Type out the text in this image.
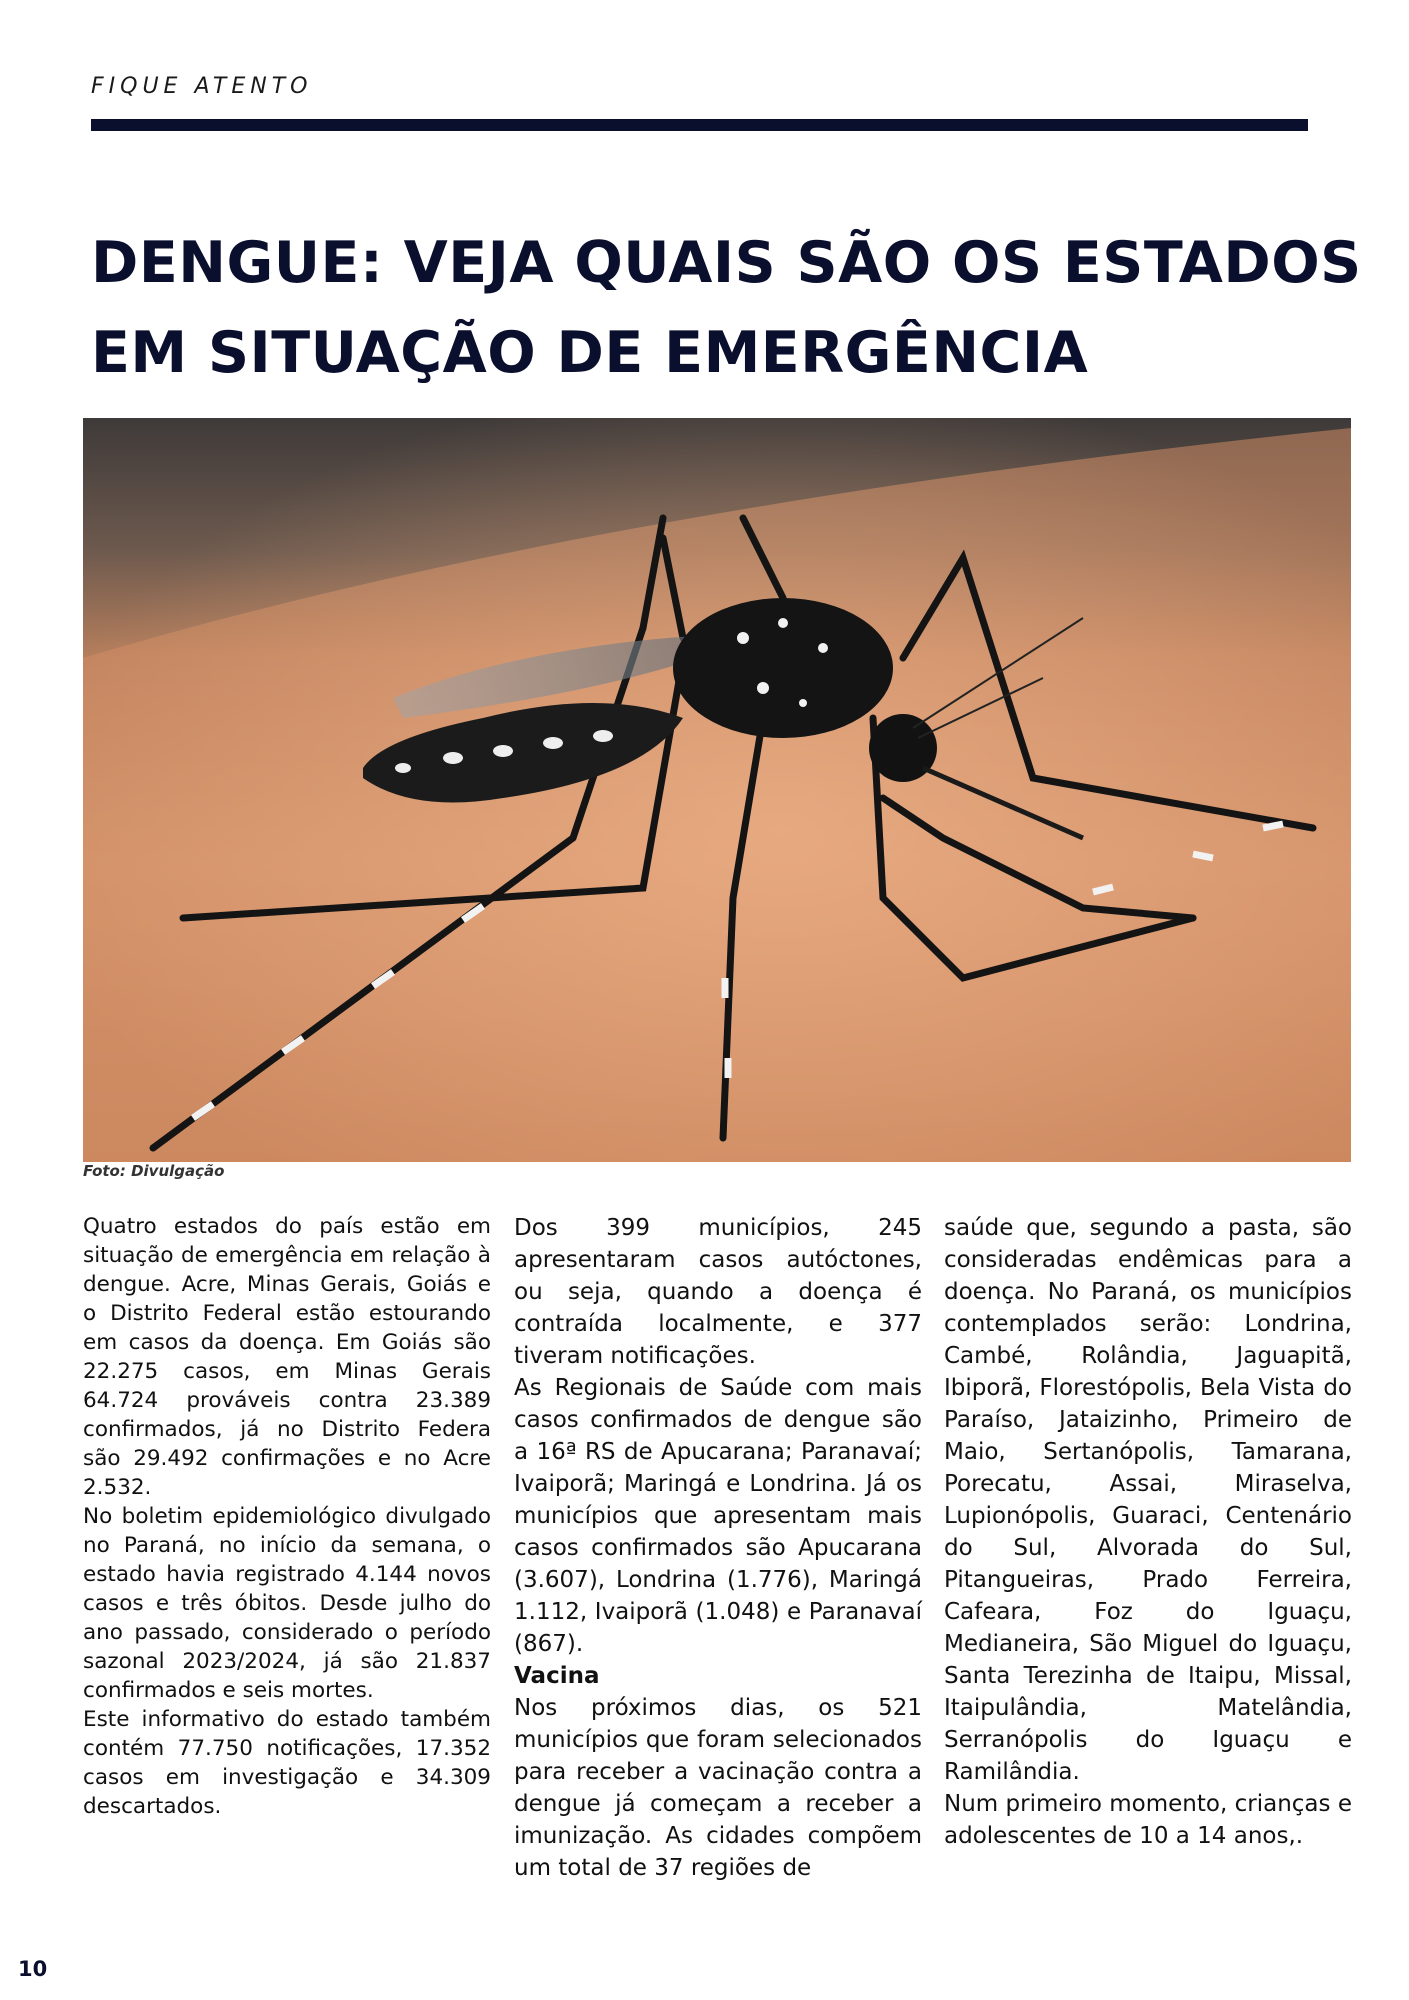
FIQUE ATENTO
DENGUE: VEJA QUAIS SÃO OS ESTADOS
EM SITUAÇÃO DE EMERGÊNCIA
Foto: Divulgação

Quatro estados do país estão em situação de emergência em relação à dengue. Acre, Minas Gerais, Goiás e o Distrito Federal estão estourando em casos da doença. Em Goiás são 22.275 casos, em Minas Gerais 64.724 prováveis contra 23.389 confirmados, já no Distrito Federa são 29.492 confirmações e no Acre 2.532.

No boletim epidemiológico divulgado no Paraná, no início da semana, o estado havia registrado 4.144 novos casos e três óbitos. Desde julho do ano passado, considerado o período sazonal 2023/2024, já são 21.837 confirmados e seis mortes.

Este informativo do estado também contém 77.750 notificações, 17.352 casos em investigação e 34.309 descartados.

Dos 399 municípios, 245 apresentaram casos autóctones, ou seja, quando a doença é contraída localmente, e 377 tiveram notificações.

As Regionais de Saúde com mais casos confirmados de dengue são a 16ª RS de Apucarana; Paranavaí; Ivaiporã; Maringá e Londrina. Já os municípios que apresentam mais casos confirmados são Apucarana (3.607), Londrina (1.776), Maringá 1.112, Ivaiporã (1.048) e Paranavaí (867).

Vacina

Nos próximos dias, os 521 municípios que foram selecionados para receber a vacinação contra a dengue já começam a receber a imunização. As cidades compõem um total de 37 regiões de

saúde que, segundo a pasta, são consideradas endêmicas para a doença. No Paraná, os municípios contemplados serão: Londrina, Cambé, Rolândia, Jaguapitã, Ibiporã, Florestópolis, Bela Vista do Paraíso, Jataizinho, Primeiro de Maio, Sertanópolis, Tamarana, Porecatu, Assai, Miraselva, Lupionópolis, Guaraci, Centenário do Sul, Alvorada do Sul, Pitangueiras, Prado Ferreira, Cafeara, Foz do Iguaçu, Medianeira, São Miguel do Iguaçu, Santa Terezinha de Itaipu, Missal, Itaipulândia, Matelândia, Serranópolis do Iguaçu e Ramilândia.

Num primeiro momento, crianças e adolescentes de 10 a 14 anos,.

10
